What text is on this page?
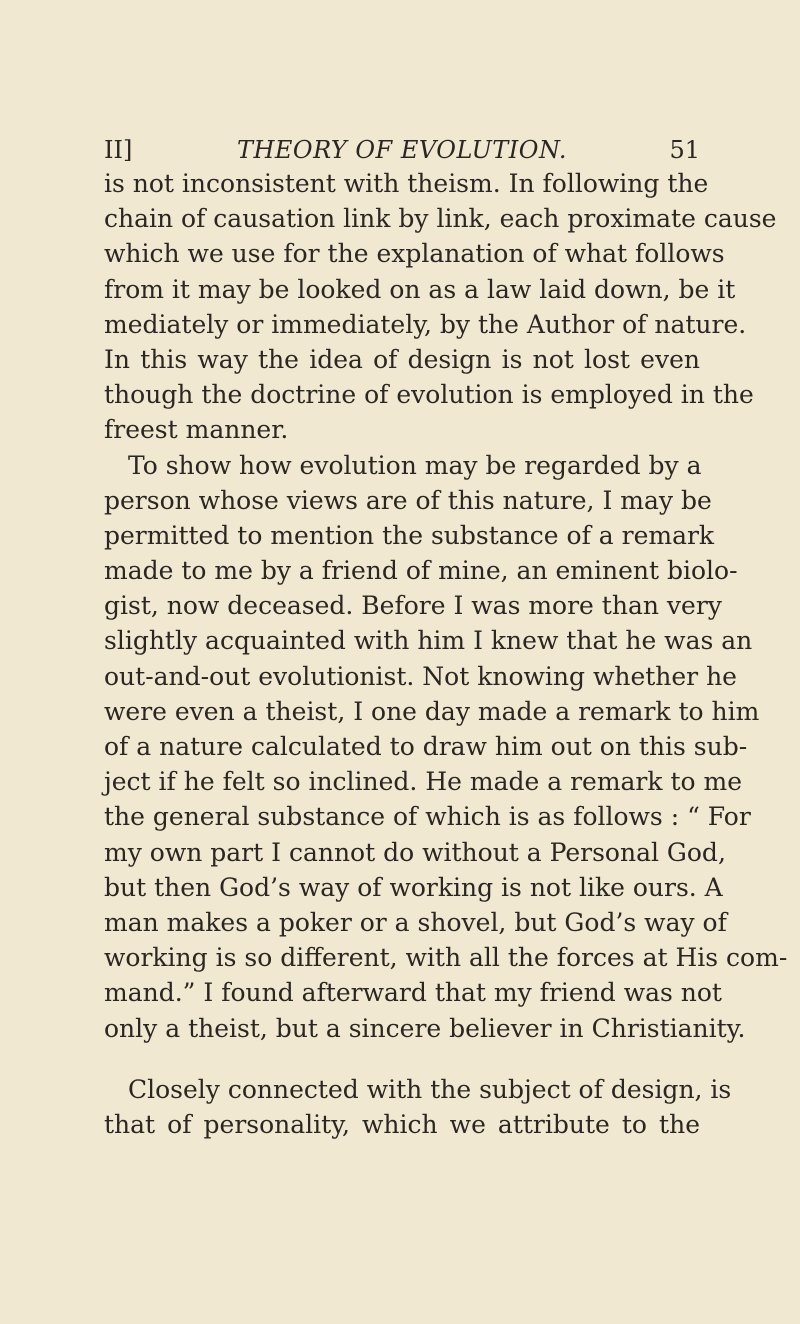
II]	THEORY OF EVOLUTION.	51
is not inconsistent with theism. In following the
chain of causation link by link, each proximate cause
which we use for the explanation of what follows
from it may be looked on as a law laid down, be it
mediately or immediately, by the Author of nature.
In this way the idea of design is not lost even
though the doctrine of evolution is employed in the
freest manner.
To show how evolution may be regarded by a
person whose views are of this nature, I may be
permitted to mention the substance of a remark
made to me by a friend of mine, an eminent biolo-
gist, now deceased. Before I was more than very
slightly acquainted with him I knew that he was an
out-and-out evolutionist. Not knowing whether he
were even a theist, I one day made a remark to him
of a nature calculated to draw him out on this sub-
ject if he felt so inclined. He made a remark to me
the general substance of which is as follows : “ For
my own part I cannot do without a Personal God,
but then God’s way of working is not like ours. A
man makes a poker or a shovel, but God’s way of
working is so different, with all the forces at His com-
mand.” I found afterward that my friend was not
only a theist, but a sincere believer in Christianity.
Closely connected with the subject of design, is
that of personality, which we attribute to the
